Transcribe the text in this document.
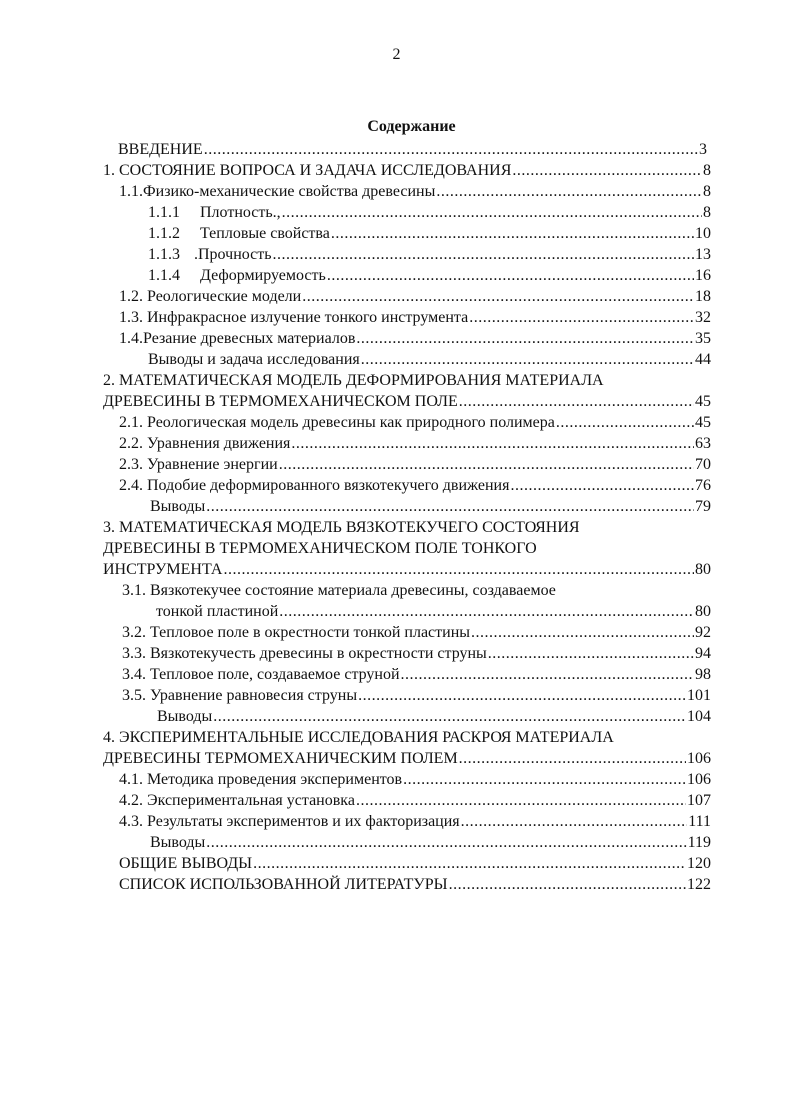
2
Содержание
ВВЕДЕНИЕ .....	3
1. СОСТОЯНИЕ ВОПРОСА И ЗАДАЧА ИССЛЕДОВАНИЯ .....	8
1.1.Физико-механические свойства древесины .....	8
1.1.1 Плотность., .....	8
1.1.2 Тепловые свойства .....	10
1.1.3 .Прочность .....	13
1.1.4 Деформируемость .....	16
1.2. Реологические модели .....	18
1.3. Инфракрасное излучение тонкого инструмента .....	32
1.4.Резание древесных материалов .....	35
Выводы и задача исследования .....	44
2. МАТЕМАТИЧЕСКАЯ МОДЕЛЬ ДЕФОРМИРОВАНИЯ МАТЕРИАЛА
ДРЕВЕСИНЫ В ТЕРМОМЕХАНИЧЕСКОМ ПОЛЕ .....	45
2.1. Реологическая модель древесины как природного полимера .....	45
2.2. Уравнения движения .....	63
2.3. Уравнение энергии .....	70
2.4. Подобие деформированного вязкотекучего движения .....	76
Выводы .....	79
3. МАТЕМАТИЧЕСКАЯ МОДЕЛЬ ВЯЗКОТЕКУЧЕГО СОСТОЯНИЯ
ДРЕВЕСИНЫ В ТЕРМОМЕХАНИЧЕСКОМ ПОЛЕ ТОНКОГО
ИНСТРУМЕНТА .....	80
3.1. Вязкотекучее состояние материала древесины, создаваемое
тонкой пластиной .....	80
3.2. Тепловое поле в окрестности тонкой пластины .....	92
3.3. Вязкотекучесть древесины в окрестности струны .....	94
3.4. Тепловое поле, создаваемое струной .....	98
3.5. Уравнение равновесия струны .....	101
Выводы .....	104
4. ЭКСПЕРИМЕНТАЛЬНЫЕ ИССЛЕДОВАНИЯ РАСКРОЯ МАТЕРИАЛА
ДРЕВЕСИНЫ ТЕРМОМЕХАНИЧЕСКИМ ПОЛЕМ .....	106
4.1. Методика проведения экспериментов .....	106
4.2. Экспериментальная установка .....	107
4.3. Результаты экспериментов и их факторизация .....	111
Выводы .....	119
ОБЩИЕ ВЫВОДЫ .....	120
СПИСОК ИСПОЛЬЗОВАННОЙ ЛИТЕРАТУРЫ .....	122
